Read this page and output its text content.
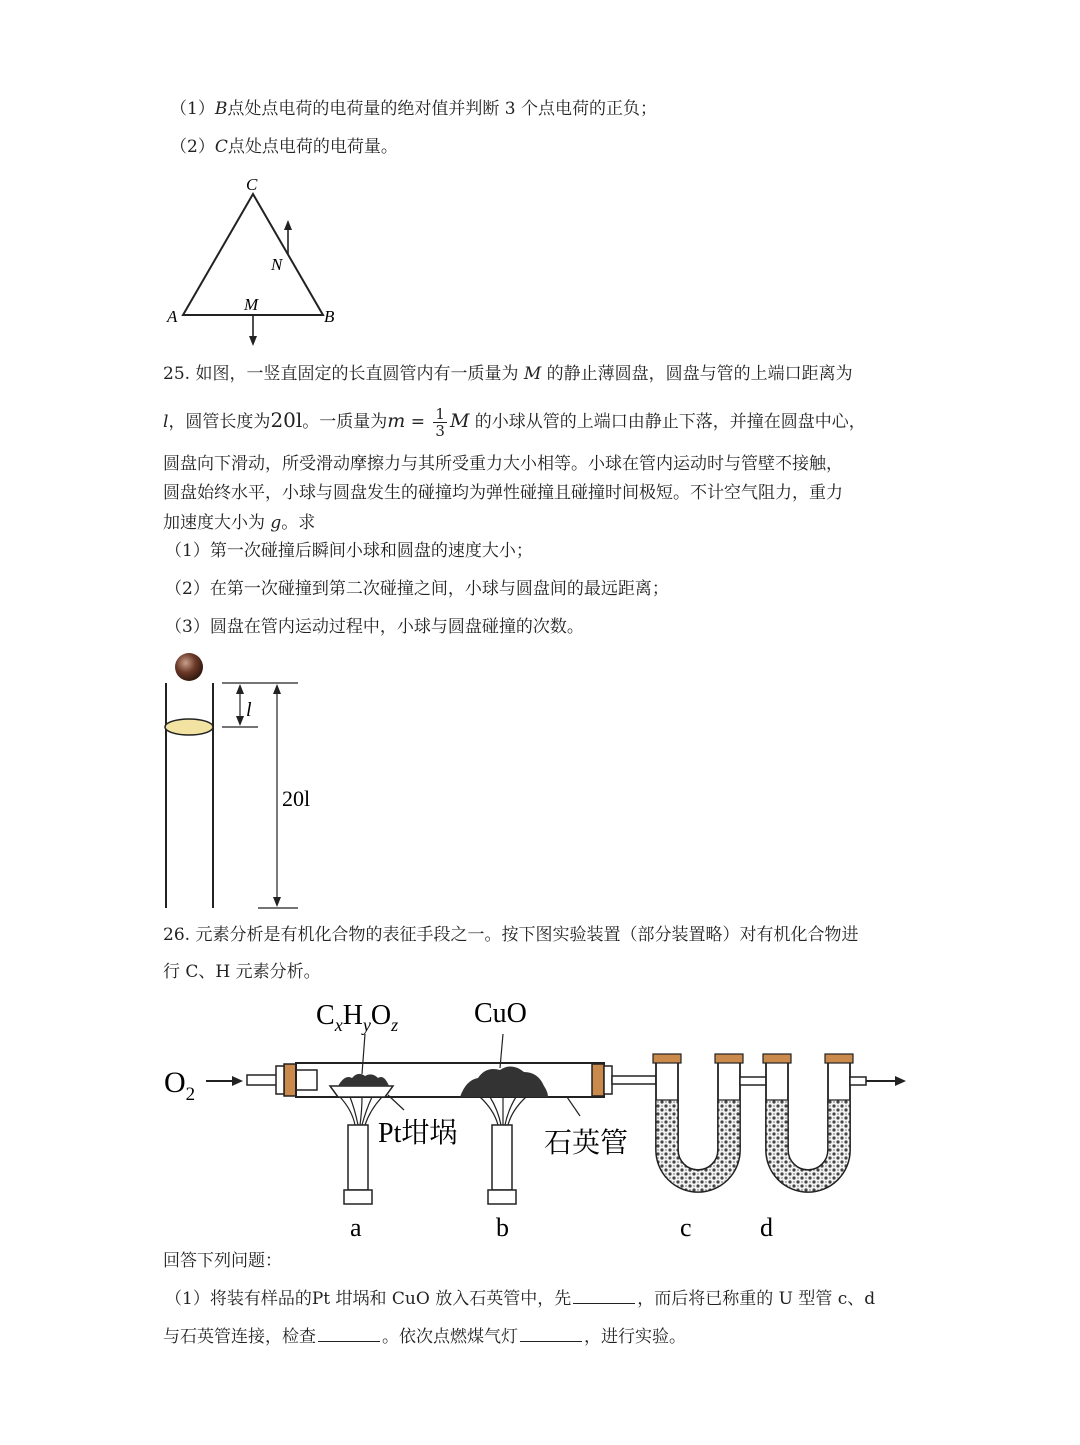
（1）B点处点电荷的电荷量的绝对值并判断 3 个点电荷的正负；
（2）C点处点电荷的电荷量。
C
A	B
M
N
25. 如图，一竖直固定的长直圆管内有一质量为 M 的静止薄圆盘，圆盘与管的上端口距离为
l，圆管长度为20l。一质量为$m = \frac{1}{3}$ M 的小球从管的上端口由静止下落，并撞在圆盘中心，
圆盘向下滑动，所受滑动摩擦力与其所受重力大小相等。小球在管内运动时与管壁不接触，
圆盘始终水平，小球与圆盘发生的碰撞均为弹性碰撞且碰撞时间极短。不计空气阻力，重力
加速度大小为 g。求
（1）第一次碰撞后瞬间小球和圆盘的速度大小；
（2）在第一次碰撞到第二次碰撞之间，小球与圆盘间的最远距离；
（3）圆盘在管内运动过程中，小球与圆盘碰撞的次数。
l
20l
26. 元素分析是有机化合物的表征手段之一。按下图实验装置（部分装置略）对有机化合物进
行 C、H 元素分析。
$O_2$
$C_xH_yO_z$	CuO
Pt坩埚	石英管
a	b	c	d
回答下列问题：
（1）将装有样品的Pt 坩埚和 CuO 放入石英管中，先	，而后将已称重的 U 型管 c、d
与石英管连接，检查	。依次点燃煤气灯	，进行实验。
